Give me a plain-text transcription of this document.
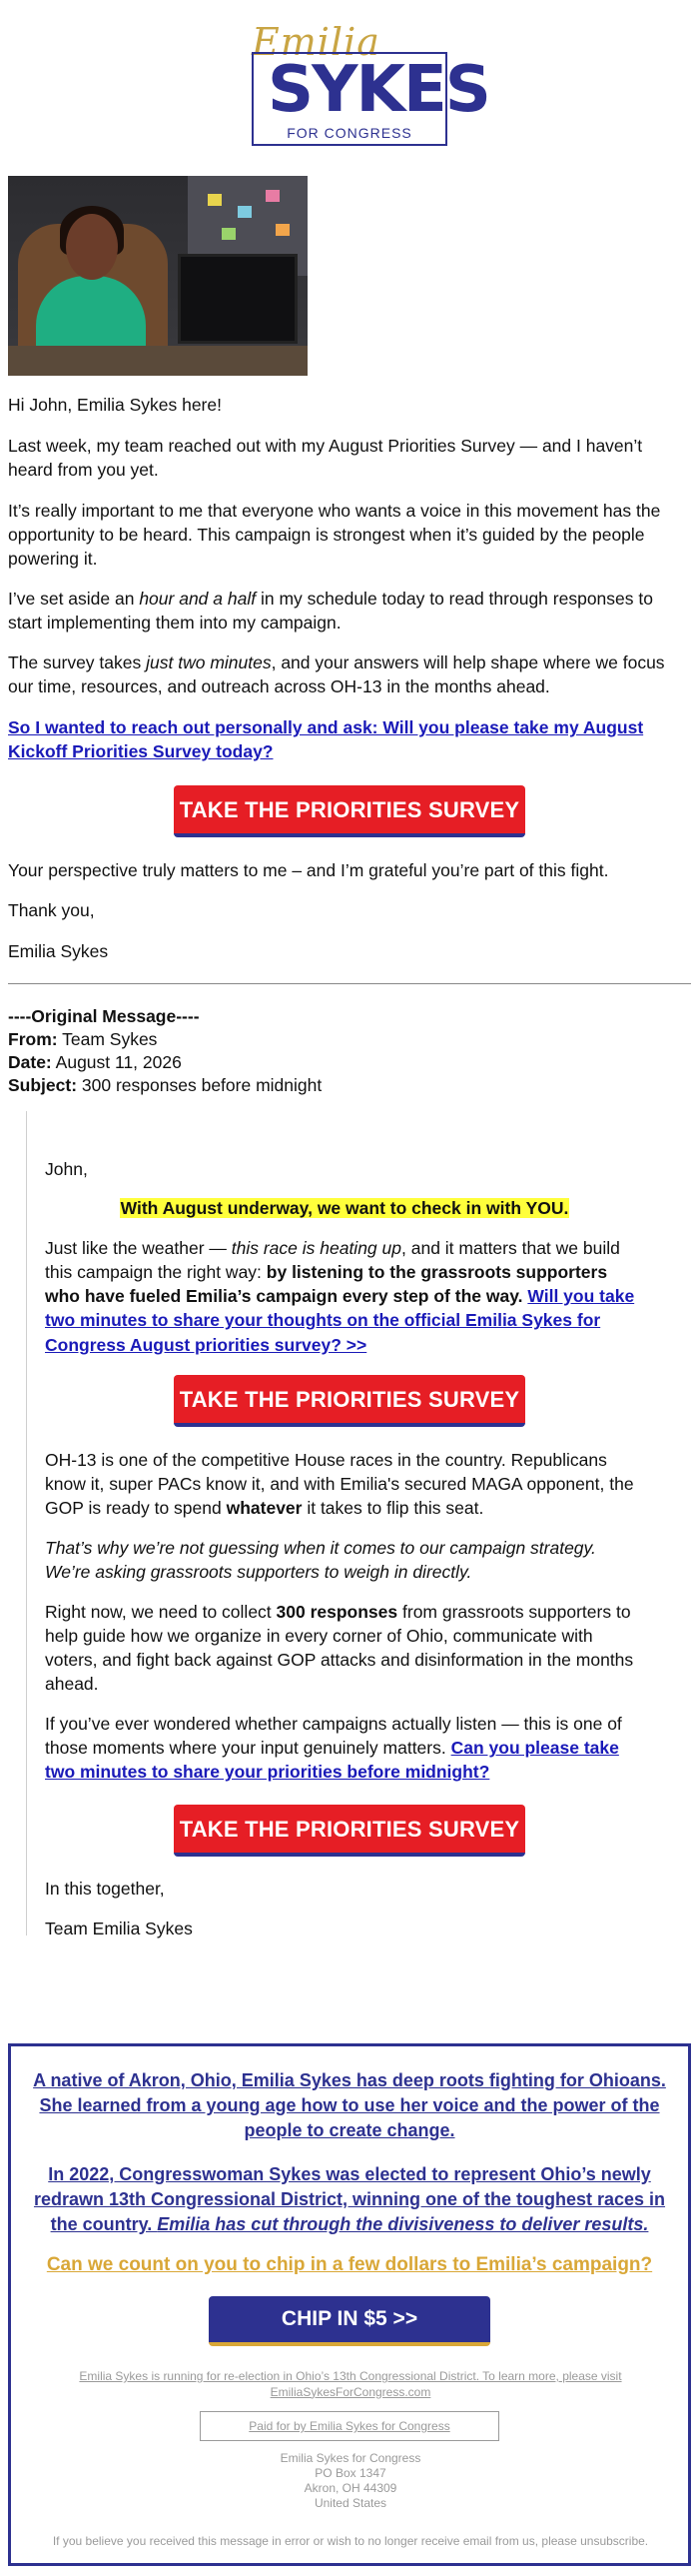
Emilia
SYKES
FOR CONGRESS

Hi John, Emilia Sykes here!

Last week, my team reached out with my August Priorities Survey — and I haven’t heard from you yet.

It’s really important to me that everyone who wants a voice in this movement has the opportunity to be heard. This campaign is strongest when it’s guided by the people powering it.

I’ve set aside an hour and a half in my schedule today to read through responses to start implementing them into my campaign.

The survey takes just two minutes, and your answers will help shape where we focus our time, resources, and outreach across OH-13 in the months ahead.

So I wanted to reach out personally and ask: Will you please take my August Kickoff Priorities Survey today?

TAKE THE PRIORITIES SURVEY

Your perspective truly matters to me – and I’m grateful you’re part of this fight.

Thank you,

Emilia Sykes

----Original Message----

From: Team Sykes

Date: August 11, 2026

Subject: 300 responses before midnight

John,

With August underway, we want to check in with YOU.

Just like the weather — this race is heating up, and it matters that we build this campaign the right way: by listening to the grassroots supporters who have fueled Emilia’s campaign every step of the way. Will you take two minutes to share your thoughts on the official Emilia Sykes for Congress August priorities survey? >>

TAKE THE PRIORITIES SURVEY

OH-13 is one of the competitive House races in the country. Republicans know it, super PACs know it, and with Emilia's secured MAGA opponent, the GOP is ready to spend whatever it takes to flip this seat.

That’s why we’re not guessing when it comes to our campaign strategy. We’re asking grassroots supporters to weigh in directly.

Right now, we need to collect 300 responses from grassroots supporters to help guide how we organize in every corner of Ohio, communicate with voters, and fight back against GOP attacks and disinformation in the months ahead.

If you’ve ever wondered whether campaigns actually listen — this is one of those moments where your input genuinely matters. Can you please take two minutes to share your priorities before midnight?

TAKE THE PRIORITIES SURVEY

In this together,

Team Emilia Sykes

A native of Akron, Ohio, Emilia Sykes has deep roots fighting for Ohioans. She learned from a young age how to use her voice and the power of the people to create change.

In 2022, Congresswoman Sykes was elected to represent Ohio’s newly redrawn 13th Congressional District, winning one of the toughest races in the country. Emilia has cut through the divisiveness to deliver results.

Can we count on you to chip in a few dollars to Emilia’s campaign?

CHIP IN $5 >>

Emilia Sykes is running for re-election in Ohio’s 13th Congressional District. To learn more, please visit EmiliaSykesForCongress.com

Paid for by Emilia Sykes for Congress

Emilia Sykes for Congress

PO Box 1347

Akron, OH 44309

United States

If you believe you received this message in error or wish to no longer receive email from us, please unsubscribe.
